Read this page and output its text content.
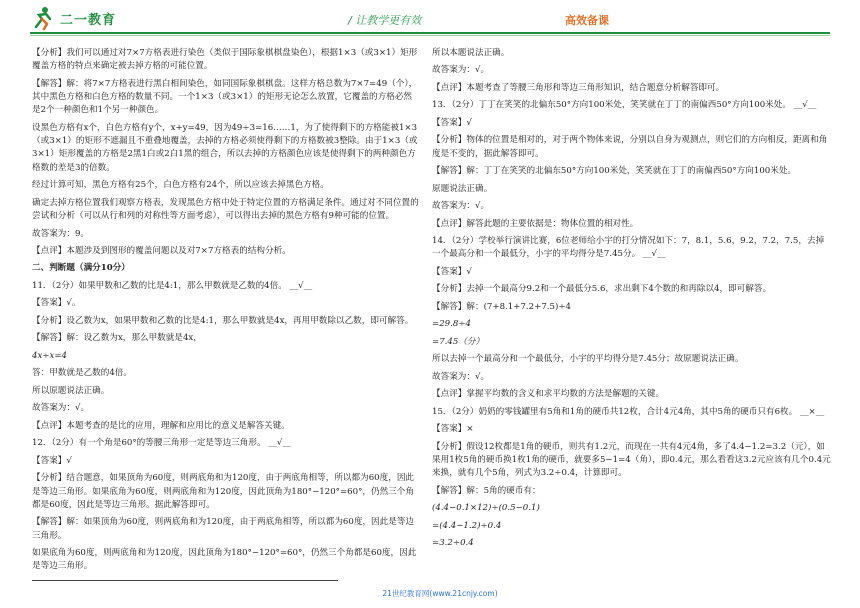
二一教育	/ 让教学更有效	高效备课

【分析】我们可以通过对7×7方格表进行染色（类似于国际象棋棋盘染色），根据1×3（或3×1）矩形覆盖方格的特点来确定被去掉方格的可能位置。

【解答】解：将7×7方格表进行黑白相间染色，如同国际象棋棋盘。这样方格总数为7×7=49（个），其中黑色方格和白色方格的数量不同。一个1×3（或3×1）的矩形无论怎么放置，它覆盖的方格必然是2个一种颜色和1个另一种颜色。

设黑色方格有x个，白色方格有y个，x+y=49，因为49÷3=16……1，为了使得剩下的方格能被1×3（或3×1）的矩形不遮漏且不重叠地覆盖，去掉的方格必须使得剩下的方格数被3整除。由于1×3（或3×1）矩形覆盖的方格是2黑1白或2白1黑的组合，所以去掉的方格颜色应该是使得剩下的两种颜色方格数的差是3的倍数。

经过计算可知，黑色方格有25个，白色方格有24个，所以应该去掉黑色方格。

确定去掉方格位置我们观察方格表，发现黑色方格中处于特定位置的方格满足条件。通过对不同位置的尝试和分析（可以从行和列的对称性等方面考虑），可以得出去掉的黑色方格有9种可能的位置。

故答案为：9。

【点评】本题涉及到图形的覆盖问题以及对7×7方格表的结构分析。

二、判断题（满分10分）

11．（2分）如果甲数和乙数的比是4:1，那么甲数就是乙数的4倍。 __√__

【答案】√。

【分析】设乙数为x，如果甲数和乙数的比是4:1，那么甲数就是4x，再用甲数除以乙数，即可解答。

【解答】解：设乙数为x，那么甲数就是4x，

4x÷x=4

答：甲数就是乙数的4倍。

所以原题说法正确。

故答案为：√。

【点评】本题考查的是比的应用，理解和应用比的意义是解答关键。

12．（2分）有一个角是60°的等腰三角形一定是等边三角形。 __√__

【答案】√

【分析】结合题意，如果顶角为60度，则两底角和为120度，由于两底角相等，所以都为60度，因此是等边三角形。如果底角为60度，则两底角和为120度，因此顶角为180°−120°=60°，仍然三个角都是60度，因此是等边三角形。据此解答即可。

【解答】解：如果顶角为60度，则两底角和为120度，由于两底角相等，所以都为60度，因此是等边三角形。

如果底角为60度，则两底角和为120度，因此顶角为180°−120°=60°，仍然三个角都是60度，因此是等边三角形。

所以本题说法正确。

故答案为：√。

【点评】本题考查了等腰三角形和等边三角形知识，结合题意分析解答即可。

13．（2分）丁丁在笑笑的北偏东50°方向100米处，笑笑就在丁丁的南偏西50°方向100米处。 __√__

【答案】√

【分析】物体的位置是相对的，对于两个物体来说，分别以自身为观测点，则它们的方向相反，距离和角度是不变的，据此解答即可。

【解答】解：丁丁在笑笑的北偏东50°方向100米处，笑笑就在丁丁的南偏西50°方向100米处。

原题说法正确。

故答案为：√。

【点评】解答此题的主要依据是：物体位置的相对性。

14．（2分）学校举行演讲比赛，6位老师给小宇的打分情况如下：7，8.1，5.6，9.2，7.2，7.5，去掉一个最高分和一个最低分，小宇的平均得分是7.45分。 __√__

【答案】√

【分析】去掉一个最高分9.2和一个最低分5.6，求出剩下4个数的和再除以4，即可解答。

【解答】解：(7+8.1+7.2+7.5)÷4

=29.8÷4

=7.45（分）

所以去掉一个最高分和一个最低分，小宇的平均得分是7.45分；故原题说法正确。

故答案为：√。

【点评】掌握平均数的含义和求平均数的方法是解题的关键。

15．（2分）奶奶的零钱罐里有5角和1角的硬币共12枚，合计4元4角，其中5角的硬币只有6枚。 __×__

【答案】×

【分析】假设12枚都是1角的硬币，则共有1.2元，而现在一共有4元4角，多了4.4−1.2=3.2（元），如果用1枚5角的硬币换1枚1角的硬币，就要多5−1=4（角），即0.4元，那么看看这3.2元应该有几个0.4元来换，就有几个5角，列式为3.2÷0.4，计算即可。

【解答】解：5角的硬币有：

(4.4−0.1×12)÷(0.5−0.1)

=(4.4−1.2)÷0.4

=3.2÷0.4

21世纪教育网(www.21cnjy.com)
